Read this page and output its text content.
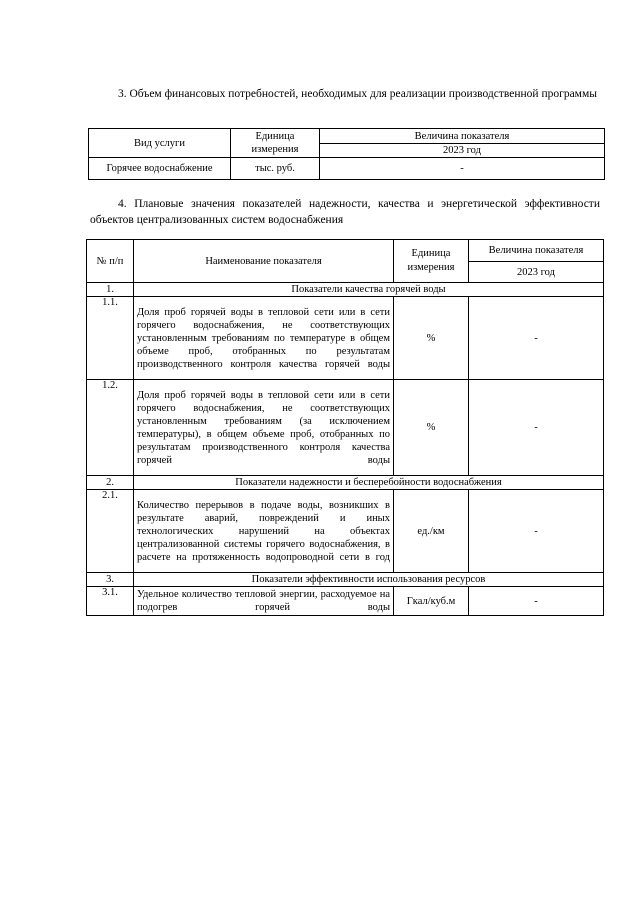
3. Объем финансовых потребностей, необходимых для реализации производственной программы
Вид услуги	Единица измерения	Величина показателя
		2023 год
Горячее водоснабжение	тыс. руб.	-
4. Плановые значения показателей надежности, качества и энергетической эффективности объектов централизованных систем водоснабжения
№ п/п	Наименование показателя	Единица измерения	Величина показателя
			2023 год
1.	Показатели качества горячей воды		
1.1.	Доля проб горячей воды в тепловой сети или в сети горячего водоснабжения, не соответствующих установленным требованиям по температуре в общем объеме проб, отобранных по результатам производственного контроля качества горячей воды	%	-
1.2.	Доля проб горячей воды в тепловой сети или в сети горячего водоснабжения, не соответствующих установленным требованиям (за исключением температуры), в общем объеме проб, отобранных по результатам производственного контроля качества горячей воды	%	-
2.	Показатели надежности и бесперебойности водоснабжения		
2.1.	Количество перерывов в подаче воды, возникших в результате аварий, повреждений и иных технологических нарушений на объектах централизованной системы горячего водоснабжения, в расчете на протяженность водопроводной сети в год	ед./км	-
3.	Показатели эффективности использования ресурсов		
3.1.	Удельное количество тепловой энергии, расходуемое на подогрев горячей воды	Гкал/куб.м	-
